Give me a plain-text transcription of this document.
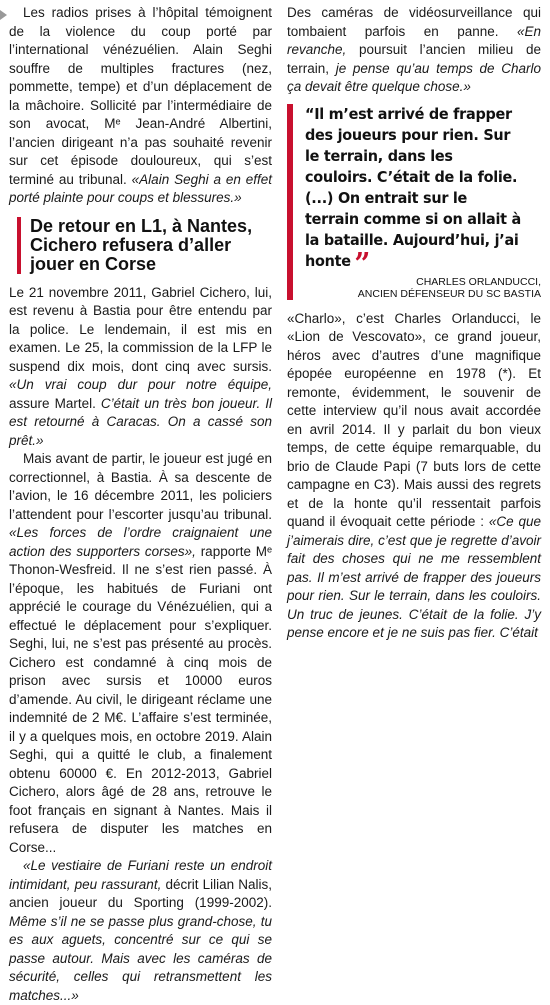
Les radios prises à l’hôpital témoignent de la violence du coup porté par l’international vénézuélien. Alain Seghi souffre de multiples fractures (nez, pommette, tempe) et d’un déplacement de la mâchoire. Sollicité par l’intermédiaire de son avocat, Mᵉ Jean-André Albertini, l’ancien dirigeant n’a pas souhaité revenir sur cet épisode douloureux, qui s’est terminé au tribunal. «Alain Seghi a en effet porté plainte pour coups et blessures.»

De retour en L1, à Nantes, Cichero refusera d’aller jouer en Corse

Le 21 novembre 2011, Gabriel Cichero, lui, est revenu à Bastia pour être entendu par la police. Le lendemain, il est mis en examen. Le 25, la commission de la LFP le suspend dix mois, dont cinq avec sursis. «Un vrai coup dur pour notre équipe, assure Martel. C’était un très bon joueur. Il est retourné à Caracas. On a cassé son prêt.»

Mais avant de partir, le joueur est jugé en correctionnel, à Bastia. À sa descente de l’avion, le 16 décembre 2011, les policiers l’attendent pour l’escorter jusqu’au tribunal. «Les forces de l’ordre craignaient une action des supporters corses», rapporte Mᵉ Thonon-Wesfreid. Il ne s’est rien passé. À l’époque, les habitués de Furiani ont apprécié le courage du Vénézuélien, qui a effectué le déplacement pour s’expliquer. Seghi, lui, ne s’est pas présenté au procès. Cichero est condamné à cinq mois de prison avec sursis et 10000 euros d’amende. Au civil, le dirigeant réclame une indemnité de 2 M€. L’affaire s’est terminée, il y a quelques mois, en octobre 2019. Alain Seghi, qui a quitté le club, a finalement obtenu 60000 €. En 2012-2013, Gabriel Cichero, alors âgé de 28 ans, retrouve le foot français en signant à Nantes. Mais il refusera de disputer les matches en Corse...

«Le vestiaire de Furiani reste un endroit intimidant, peu rassurant, décrit Lilian Nalis, ancien joueur du Sporting (1999-2002). Même s’il ne se passe plus grand-chose, tu es aux aguets, concentré sur ce qui se passe autour. Mais avec les caméras de sécurité, celles qui retransmettent les matches...»

Des caméras de vidéosurveillance qui tombaient parfois en panne. «En revanche, poursuit l’ancien milieu de terrain, je pense qu’au temps de Charlo ça devait être quelque chose.»

“Il m’est arrivé de frapper des joueurs pour rien. Sur le terrain, dans les couloirs. C’était de la folie. (...) On entrait sur le terrain comme si on allait à la bataille. Aujourd’hui, j’ai honte ”	CHARLES ORLANDUCCI,
ANCIEN DÉFENSEUR DU SC BASTIA

«Charlo», c’est Charles Orlanducci, le «Lion de Vescovato», ce grand joueur, héros avec d’autres d’une magnifique épopée européenne en 1978 (*). Et remonte, évidemment, le souvenir de cette interview qu’il nous avait accordée en avril 2014. Il y parlait du bon vieux temps, de cette équipe remarquable, du brio de Claude Papi (7 buts lors de cette campagne en C3). Mais aussi des regrets et de la honte qu’il ressentait parfois quand il évoquait cette période : «Ce que j’aimerais dire, c’est que je regrette d’avoir fait des choses qui ne me ressemblent pas. Il m’est arrivé de frapper des joueurs pour rien. Sur le terrain, dans les couloirs. Un truc de jeunes. C’était de la folie. J’y pense encore et je ne suis pas fier. C’était
